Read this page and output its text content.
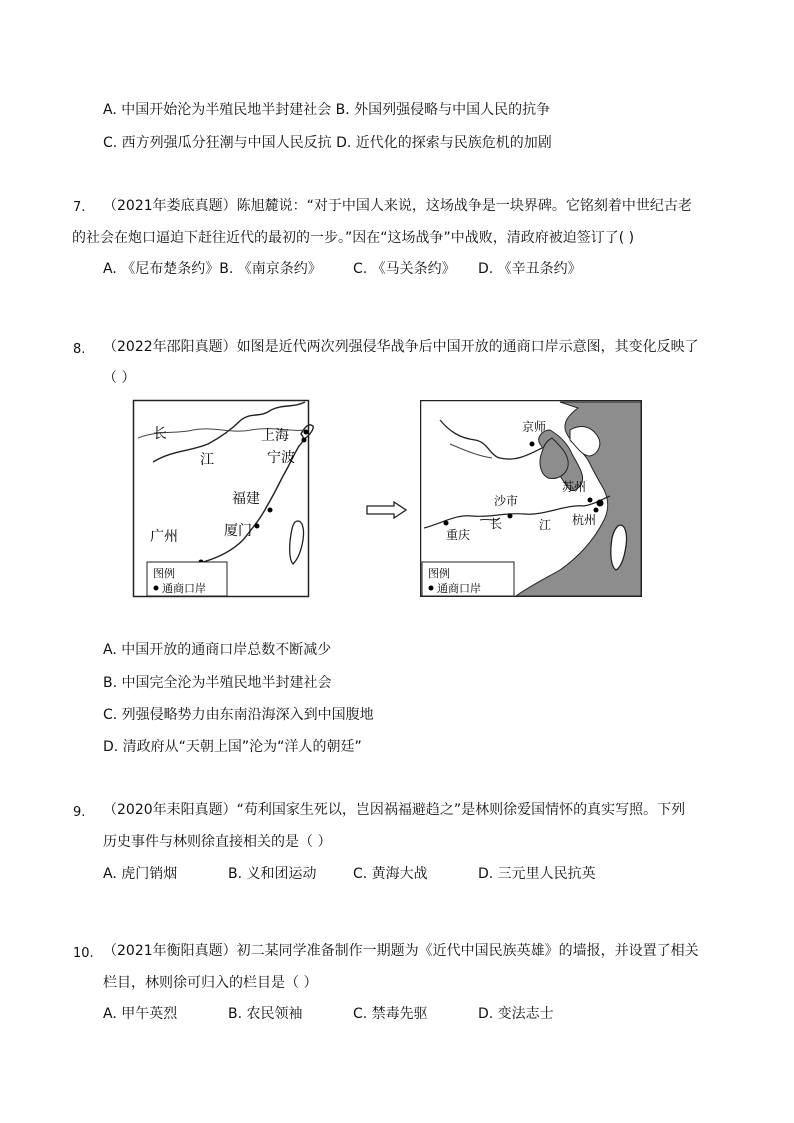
A. 中国开始沦为半殖民地半封建社会 B. 外国列强侵略与中国人民的抗争
C. 西方列强瓜分狂潮与中国人民反抗 D. 近代化的探索与民族危机的加剧
7. （2021年娄底真题）陈旭麓说：“对于中国人来说，这场战争是一块界碑。它铭刻着中世纪古老
的社会在炮口逼迫下赶往近代的最初的一步。”因在“这场战争”中战败，清政府被迫签订了( )
A. 《尼布楚条约》B. 《南京条约》 C. 《马关条约》 D. 《辛丑条约》
8. （2022年邵阳真题）如图是近代两次列强侵华战争后中国开放的通商口岸示意图，其变化反映了
（ ）
长
江
上海
宁波
福建
厦门
广州
图例
通商口岸
京师
苏州
沙市
长	江 杭州
重庆
图例
通商口岸
A. 中国开放的通商口岸总数不断减少
B. 中国完全沦为半殖民地半封建社会
C. 列强侵略势力由东南沿海深入到中国腹地
D. 清政府从“天朝上国”沦为“洋人的朝廷”
9. （2020年耒阳真题）“苟利国家生死以，岂因祸福避趋之”是林则徐爱国情怀的真实写照。下列
历史事件与林则徐直接相关的是（ ）
A. 虎门销烟	B. 义和团运动	C. 黄海大战	D. 三元里人民抗英
10. （2021年衡阳真题）初二某同学准备制作一期题为《近代中国民族英雄》的墙报，并设置了相关
栏目，林则徐可归入的栏目是（ ）
A. 甲午英烈	B. 农民领袖	C. 禁毒先驱	D. 变法志士
